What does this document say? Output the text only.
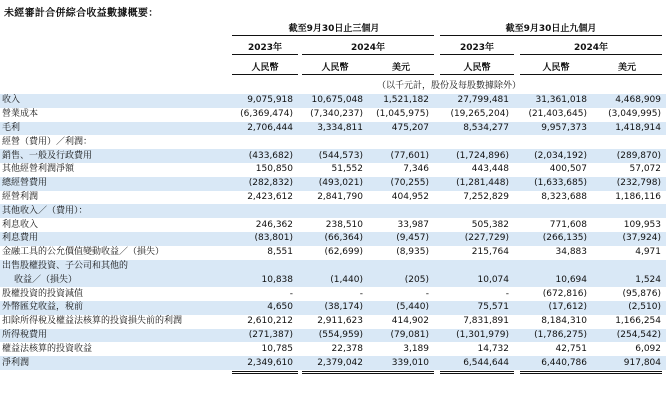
未經審計合併綜合收益數據概要：
截至9月30日止三個月	截至9月30日止九個月
2023年	2024年	2023年	2024年
人民幣	人民幣	美元	人民幣	人民幣	美元
（以千元計，股份及每股數據除外）
收入	9,075,918		10,675,048	1,521,182		27,799,481		31,361,018	4,468,909
營業成本	(6,369,474)		(7,340,237)	(1,045,975)		(19,265,204)		(21,403,645)	(3,049,995)
毛利	2,706,444		3,334,811	475,207		8,534,277		9,957,373	1,418,914
經營（費用）／利潤：									
銷售、一般及行政費用	(433,682)		(544,573)	(77,601)		(1,724,896)		(2,034,192)	(289,870)
其他經營利潤淨額	150,850		51,552	7,346		443,448		400,507	57,072
總經營費用	(282,832)		(493,021)	(70,255)		(1,281,448)		(1,633,685)	(232,798)
經營利潤	2,423,612		2,841,790	404,952		7,252,829		8,323,688	1,186,116
其他收入／（費用）：									
利息收入	246,362		238,510	33,987		505,382		771,608	109,953
利息費用	(83,801)		(66,364)	(9,457)		(227,729)		(266,135)	(37,924)
金融工具的公允價值變動收益／（損失）	8,551		(62,699)	(8,935)		215,764		34,883	4,971
出售股權投資、子公司和其他的									
收益／（損失）	10,838		(1,440)	(205)		10,074		10,694	1,524
股權投資的投資減值	-		-	-		-		(672,816)	(95,876)
外幣匯兌收益，稅前	4,650		(38,174)	(5,440)		75,571		(17,612)	(2,510)
扣除所得稅及權益法核算的投資損失前的利潤	2,610,212		2,911,623	414,902		7,831,891		8,184,310	1,166,254
所得稅費用	(271,387)		(554,959)	(79,081)		(1,301,979)		(1,786,275)	(254,542)
權益法核算的投資收益	10,785		22,378	3,189		14,732		42,751	6,092
淨利潤	2,349,610		2,379,042	339,010		6,544,644		6,440,786	917,804
